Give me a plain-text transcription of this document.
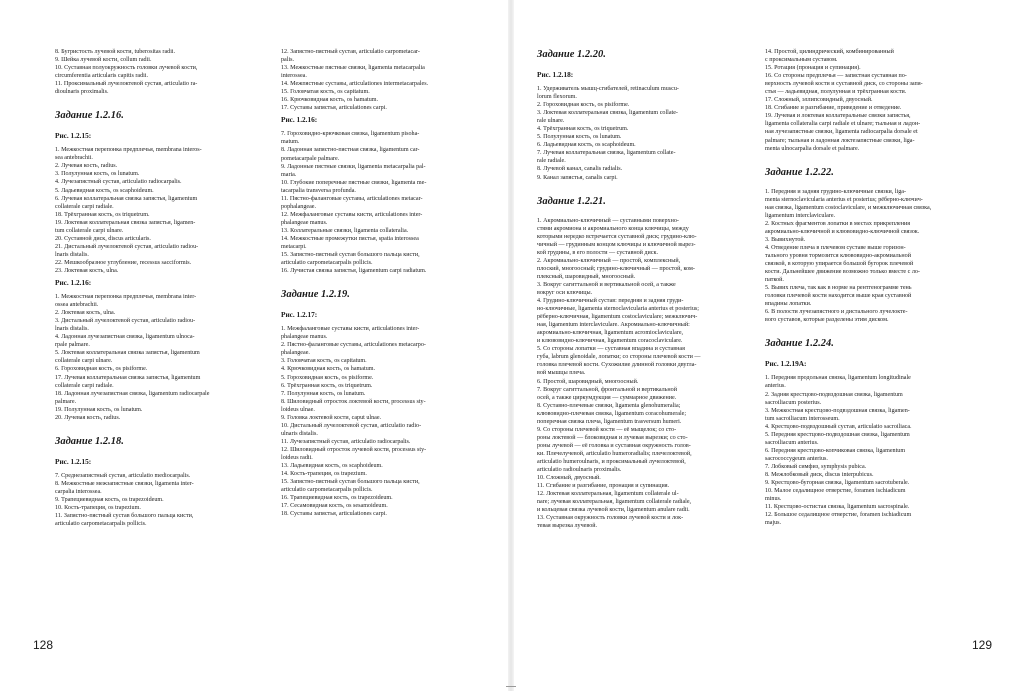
8. Бугристость лучевой кости, tuberositas radii.
9. Шейка лучевой кости, collum radii.
10. Суставная полуокружность головки лучевой кости,
circumferentia articularis capitis radii.
11. Проксимальный лучелоктевой сустав, articulatio ra-
dioulnaris proximalis.
Задание 1.2.16.
Рис. 1.2.15:
1. Межкостная перепонка предплечья, membrana interos-
sea antebrachii.
2. Лучевая кость, radius.
3. Полулунная кость, os lunatum.
4. Лучезапястный сустав, articulatio radiocarpalis.
5. Ладьевидная кость, os scaphoideum.
6. Лучевая коллатеральная связка запястья, ligamentum
collaterale carpi radiale.
18. Трёхгранная кость, os triquetrum.
19. Локтевая коллатеральная связка запястья, ligamen-
tum collaterale carpi ulnare.
20. Суставной диск, discus articularis.
21. Дистальный лучелоктевой сустав, articulatio radiou-
lnaris distalis.
22. Мешкообразное углубление, recessus sacciformis.
23. Локтевая кость, ulna.
Рис. 1.2.16:
1. Межкостная перепонка предплечья, membrana inter-
ossea antebrachii.
2. Локтевая кость, ulna.
3. Дистальный лучелоктевой сустав, articulatio radiou-
lnaris distalis.
4. Ладонная лучезапястная связка, ligamentum ulnoca-
rpale palmare.
5. Локтевая коллатеральная связка запястья, ligamentum
collaterale carpi ulnare.
6. Гороховидная кость, os pisiforme.
17. Лучевая коллатеральная связка запястья, ligamentum
collaterale carpi radiale.
18. Ладонная лучезапястная связка, ligamentum radiocarpale
palmare.
19. Полулунная кость, os lunatum.
20. Лучевая кость, radius.
Задание 1.2.18.
Рис. 1.2.15:
7. Среднезапястный сустав, articulatio mediocarpalis.
8. Межкостные межзапястные связки, ligamenta inter-
carpalia interossea.
9. Трапециевидная кость, os trapezoideum.
10. Кость-трапеция, os trapezium.
11. Запястно-пястный сустав большого пальца кисти,
articulatio carpometacarpalis pollicis.
12. Запястно-пястный сустав, articulatio carpometacar-
palis.
13. Межкостные пястные связки, ligamenta metacarpalia
interossea.
14. Межпястные суставы, articulationes intermetacarpales.
15. Головчатая кость, os capitatum.
16. Крючковидная кость, os hamatum.
17. Суставы запястья, articulationes carpi.
Рис. 1.2.16:
7. Гороховидно-крючковая связка, ligamentum pisoha-
matum.
8. Ладонная запястно-пястная связка, ligamentum car-
pometacarpale palmare.
9. Ладонные пястные связки, ligamenta metacarpalia pal-
maria.
10. Глубокие поперечные пястные связки, ligamenta me-
tacarpalia transversa profunda.
11. Пястно-фаланговые суставы, articulationes metacar-
pophalangeae.
12. Межфаланговые суставы кисти, articulationes inter-
phalangeae manus.
13. Коллатеральные связки, ligamenta collateralia.
14. Межкостные промежутки пястья, spatia interossea
metacarpi.
15. Запястно-пястный сустав большого пальца кисти,
articulatio carpometacarpalis pollicis.
16. Лучистая связка запястья, ligamentum carpi radiatum.
Задание 1.2.19.
Рис. 1.2.17:
1. Межфаланговые суставы кисти, articulationes inter-
phalangeae manus.
2. Пястно-фаланговые суставы, articulationes metacarpo-
phalangeae.
3. Головчатая кость, os capitatum.
4. Крючковидная кость, os hamatum.
5. Гороховидная кость, os pisiforme.
6. Трёхгранная кость, os triquetrum.
7. Полулунная кость, os lunatum.
8. Шиловидный отросток локтевой кости, processus sty-
loideus ulnae.
9. Головка локтевой кости, caput ulnae.
10. Дистальный лучелоктевой сустав, articulatio radio-
ulnaris distalis.
11. Лучезапястный сустав, articulatio radiocarpalis.
12. Шиловидный отросток лучевой кости, processus sty-
loideus radii.
13. Ладьевидная кость, os scaphoideum.
14. Кость-трапеция, os trapezium.
15. Запястно-пястный сустав большого пальца кисти,
articulatio carpometacarpalis pollicis.
16. Трапециевидная кость, os trapezoideum.
17. Сесамовидная кость, os sesamoideum.
18. Суставы запястья, articulationes carpi.
Задание 1.2.20.
Рис. 1.2.18:
1. Удерживатель мышц-сгибателей, retinaculum muscu-
lorum flexorum.
2. Гороховидная кость, os pisiforme.
3. Локтевая коллатеральная связка, ligamentum collate-
rale ulnare.
4. Трёхгранная кость, os triquetrum.
5. Полулунная кость, os lunatum.
6. Ладьевидная кость, os scaphoideum.
7. Лучевая коллатеральная связка, ligamentum collate-
rale radiale.
8. Лучевой канал, canalis radialis.
9. Канал запястья, canalis carpi.
Задание 1.2.21.
1. Акромиально-ключичный — суставными поверхно-
стями акромиона и акромиального конца ключицы, между
которыми нередко встречается суставной диск; грудино-клю-
чичный — грудинным концом ключицы и ключичной вырез-
кой грудины, в его полости — суставной диск.
2. Акромиально-ключичный — простой, комплексный,
плоский, многоосный; грудино-ключичный — простой, ком-
плексный, шаровидный, многоосный.
3. Вокруг сагиттальной и вертикальной осей, а также
вокруг оси ключицы.
4. Грудино-ключичный сустав: передняя и задняя груди-
но-ключичные, ligamenta sternoclavicularia anterius et posterius;
рёберно-ключичная, ligamentum costoclaviculare; межключич-
ная, ligamentum interclaviculare. Акромиально-ключичный:
акромиально-ключичная, ligamentum acromioclaviculare,
и клювовидно-ключичная, ligamentum coracoclaviculare.
5. Со стороны лопатки — суставная впадина и суставная
губа, labrum glenoidale, лопатки; со стороны плечевой кости —
головка плечевой кости. Сухожилие длинной головки двугла-
вой мышцы плеча.
6. Простой, шаровидный, многоосный.
7. Вокруг сагиттальной, фронтальной и вертикальной
осей, а также циркумдукция — суммарное движение.
8. Суставно-плечевые связки, ligamenta glenohumeralia;
клювовидно-плечевая связка, ligamentum coracohumerale;
поперечная связка плеча, ligamentum trasversum humeri.
9. Со стороны плечевой кости — её мыщелок; со сто-
роны локтевой — блоковидная и лучевая вырезки; со сто-
роны лучевой — её головка и суставная окружность голов-
ки. Плечелучевой, articulatio humeroradialis; плечелоктевой,
articulatio humeroulnaris, и проксимальный лучелоктевой,
articulatio radioulnaris proximalis.
10. Сложный, двуосный.
11. Сгибание и разгибание, пронация и супинация.
12. Локтевая коллатеральная, ligamentum collaterale ul-
nare; лучевая коллатеральная, ligamentum collaterale radiale,
и кольцевая связка лучевой кости, ligamentum anulare radii.
13. Суставная окружность головки лучевой кости и лок-
тевая вырезка лучевой.
14. Простой, цилиндрический, комбинированный
с проксимальным суставом.
15. Ротация (пронация и супинация).
16. Со стороны предплечья — запястная суставная по-
верхность лучевой кости и суставной диск, со стороны запя-
стья — ладьевидная, полулунная и трёхгранная кости.
17. Сложный, эллипсовидный, двуосный.
18. Сгибание и разгибание, приведение и отведение.
19. Лучевая и локтевая коллатеральные связки запястья,
ligamenta collateralia carpi radiale et ulnare; тыльная и ладон-
ная лучезапястные связки, ligamenta radiocarpalia dorsale et
palmare; тыльная и ладонная локтезапястные связки, liga-
menta ulnocarpalia dorsale et palmare.
Задание 1.2.22.
1. Передняя и задняя грудино-ключичные связки, liga-
menta sternoclavicularia anterius et posterius; рёберно-ключич-
ная связка, ligamentum costoclaviculare, и межключичная связка,
ligamentum interclaviculare.
2. Костных фрагментов лопатки в местах прикрепления
акромиально-ключичной и клювовидно-ключичной связок.
3. Вывихнутой.
4. Отведение плеча в плечевом суставе выше горизон-
тального уровня тормозится клювовидно-акромиальной
связкой, в которую упирается большой бугорок плечевой
кости. Дальнейшее движение возможно только вместе с ло-
паткой.
5. Вывих плеча, так как в норме на рентгенограмме тень
головки плечевой кости находится выше края суставной
впадины лопатки.
6. В полости лучезапястного и дистального лучелокте-
вого суставов, которые разделены этим диском.
Задание 1.2.24.
Рис. 1.2.19А:
1. Передняя продольная связка, ligamentum longitudinale
anterius.
2. Задняя крестцово-подвздошная связка, ligamentum
sacroiliacum posterius.
3. Межкостная крестцово-подвздошная связка, ligamen-
tum sacroiliacum interosseum.
4. Крестцово-подвздошный сустав, articulatio sacroiliaca.
5. Передняя крестцово-подвздошная связка, ligamentum
sacroiliacum anterius.
6. Передняя крестцово-копчиковая связка, ligamentum
sacrococcygeum anterius.
7. Лобковый симфиз, symphysis pubica.
8. Межлобковый диск, discus interpubicus.
9. Крестцово-бугорная связка, ligamentum sacrotuberale.
10. Малое седалищное отверстие, foramen ischiadicum
minus.
11. Крестцово-остистая связка, ligamentum sacrospinale.
12. Большое седалищное отверстие, foramen ischiadicum
majus.
128	129
